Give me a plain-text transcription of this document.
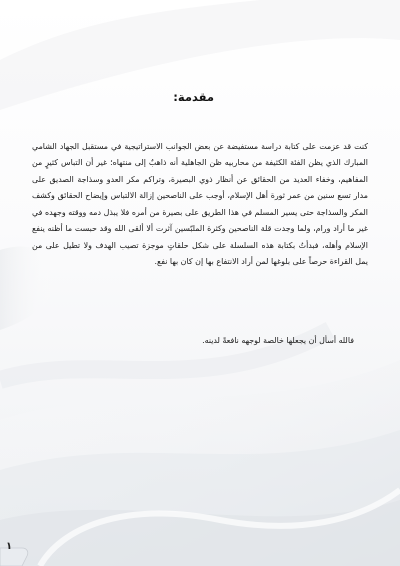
مقدمة:

كنت قد عزمت على كتابة دراسة مستفيضة عن بعض الجوانب الاستراتيجية في مستقبل الجهاد الشامي المبارك الذي يظن الفئة الكثيفة من محاربيه ظن الجاهلية أنه ذاهبٌ إلى منتهاه؛ غير أن التباس كثيرٍ من المفاهيم، وخفاء العديد من الحقائق عن أنظار ذوي البصيرة، وتراكم مكر العدو وسذاجة الصديق على مدار تسع سنين من عمر ثورة أهل الإسلام، أوجب على الناصحين إزالة الالتباس وإيضاح الحقائق وكشف المكر والسذاجة حتى يسير المسلم في هذا الطريق على بصيرة من أمره فلا يبذل دمه ووقته وجهده في غير ما أراد ورام، ولما وجدت قلة الناصحين وكثرة الملبّسين آثرت ألا ألقى الله وقد حبست ما أظنه ينفع الإسلام وأهله، فبدأتُ بكتابة هذه السلسلة على شكل حلقاتٍ موجزة تصيب الهدف ولا تطيل على من يمل القراءة حرصاً على بلوغها لمن أراد الانتفاع بها إن كان بها نفع.

فالله أسأل أن يجعلها خالصة لوجهه نافعةً لدينه.

١
